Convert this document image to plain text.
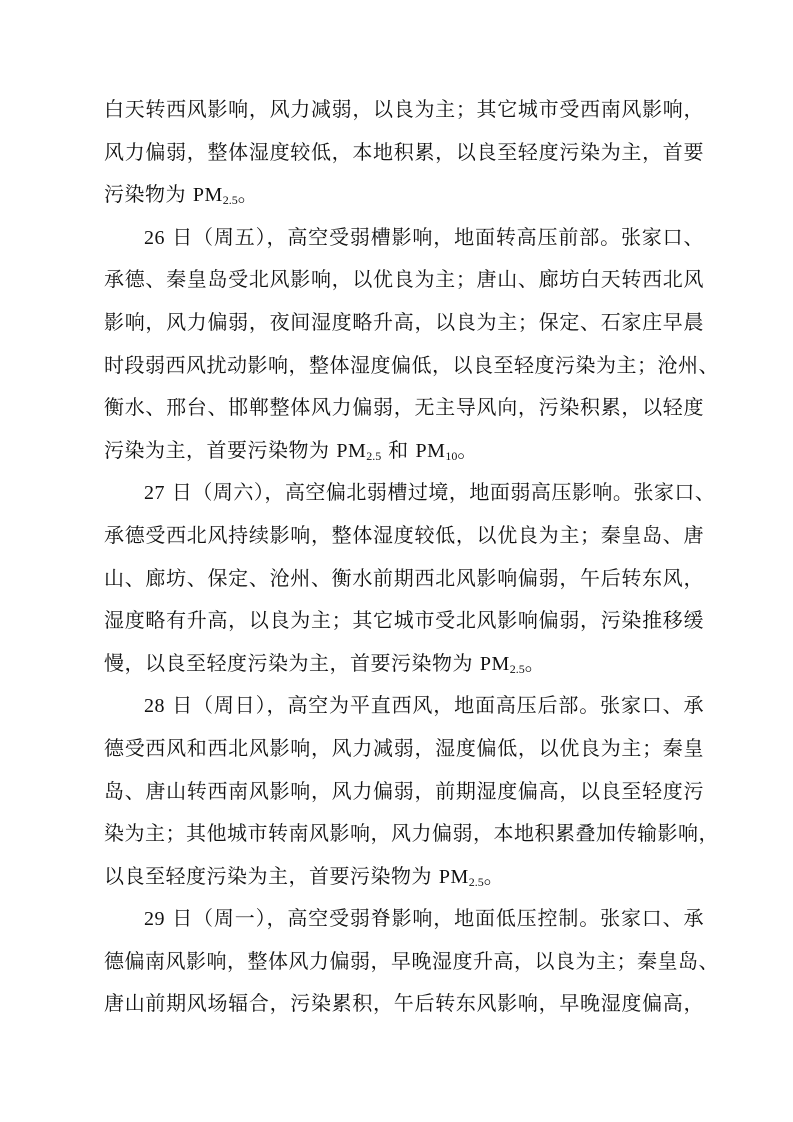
白天转西风影响，风力减弱，以良为主；其它城市受西南风影响，
风力偏弱，整体湿度较低，本地积累，以良至轻度污染为主，首要
污染物为 $PM_{2.5}$。
26 日（周五），高空受弱槽影响，地面转高压前部。张家口、
承德、秦皇岛受北风影响，以优良为主；唐山、廊坊白天转西北风
影响，风力偏弱，夜间湿度略升高，以良为主；保定、石家庄早晨
时段弱西风扰动影响，整体湿度偏低，以良至轻度污染为主；沧州、
衡水、邢台、邯郸整体风力偏弱，无主导风向，污染积累，以轻度
污染为主，首要污染物为 $PM_{2.5}$ 和 $PM_{10}$。
27 日（周六），高空偏北弱槽过境，地面弱高压影响。张家口、
承德受西北风持续影响，整体湿度较低，以优良为主；秦皇岛、唐
山、廊坊、保定、沧州、衡水前期西北风影响偏弱，午后转东风，
湿度略有升高，以良为主；其它城市受北风影响偏弱，污染推移缓
慢，以良至轻度污染为主，首要污染物为 $PM_{2.5}$。
28 日（周日），高空为平直西风，地面高压后部。张家口、承
德受西风和西北风影响，风力减弱，湿度偏低，以优良为主；秦皇
岛、唐山转西南风影响，风力偏弱，前期湿度偏高，以良至轻度污
染为主；其他城市转南风影响，风力偏弱，本地积累叠加传输影响，
以良至轻度污染为主，首要污染物为 $PM_{2.5}$。
29 日（周一），高空受弱脊影响，地面低压控制。张家口、承
德偏南风影响，整体风力偏弱，早晚湿度升高，以良为主；秦皇岛、
唐山前期风场辐合，污染累积，午后转东风影响，早晚湿度偏高，
